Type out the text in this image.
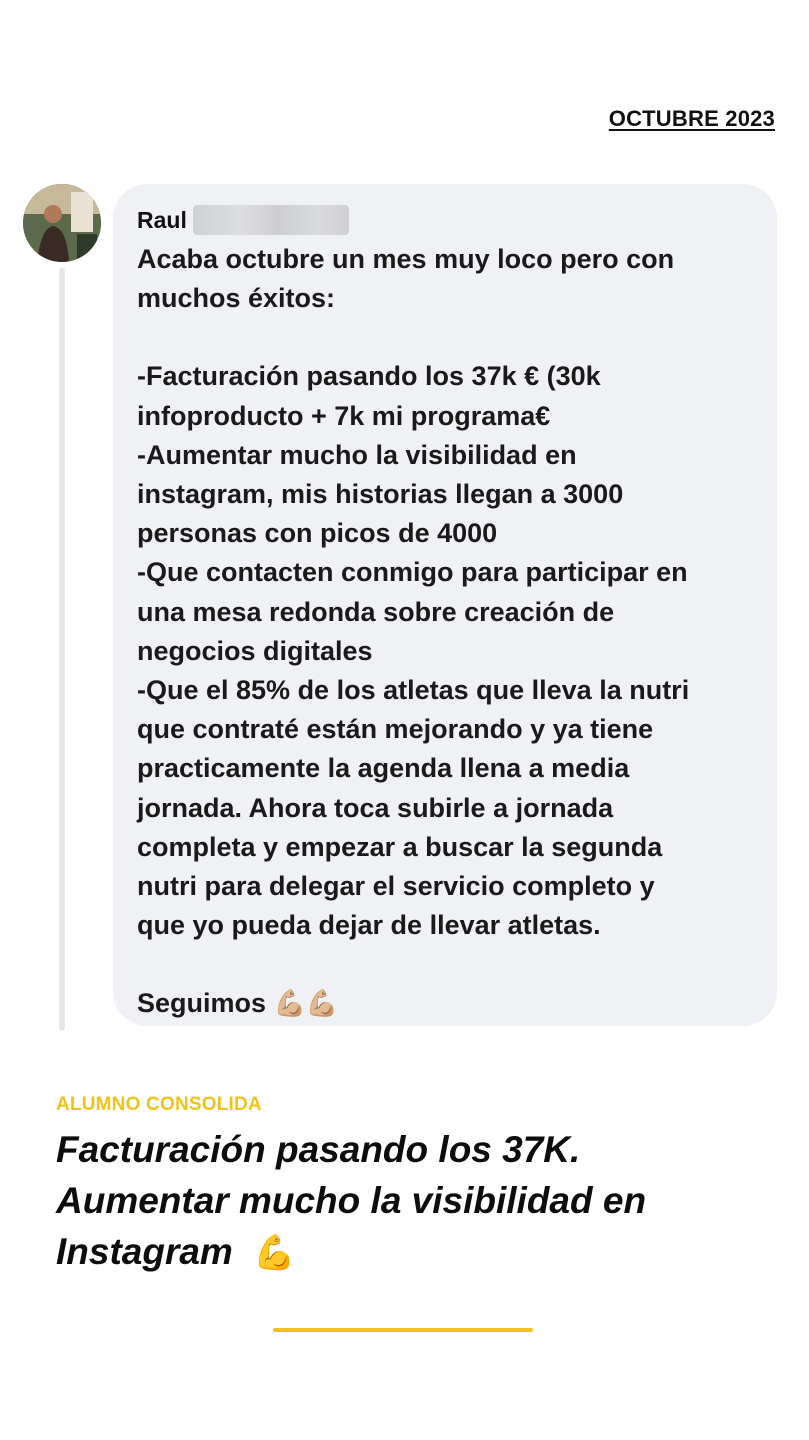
OCTUBRE 2023
Raul

Acaba octubre un mes muy loco pero con

muchos éxitos:

-Facturación pasando los 37k € (30k

infoproducto + 7k mi programa€

-Aumentar mucho la visibilidad en

instagram, mis historias llegan a 3000

personas con picos de 4000

-Que contacten conmigo para participar en

una mesa redonda sobre creación de

negocios digitales

-Que el 85% de los atletas que lleva la nutri

que contraté están mejorando y ya tiene

practicamente la agenda llena a media

jornada. Ahora toca subirle a jornada

completa y empezar a buscar la segunda

nutri para delegar el servicio completo y

que yo pueda dejar de llevar atletas.

Seguimos 💪🏼💪🏼

ALUMNO CONSOLIDA

Facturación pasando los 37K.

Aumentar mucho la visibilidad en

Instagram 💪
